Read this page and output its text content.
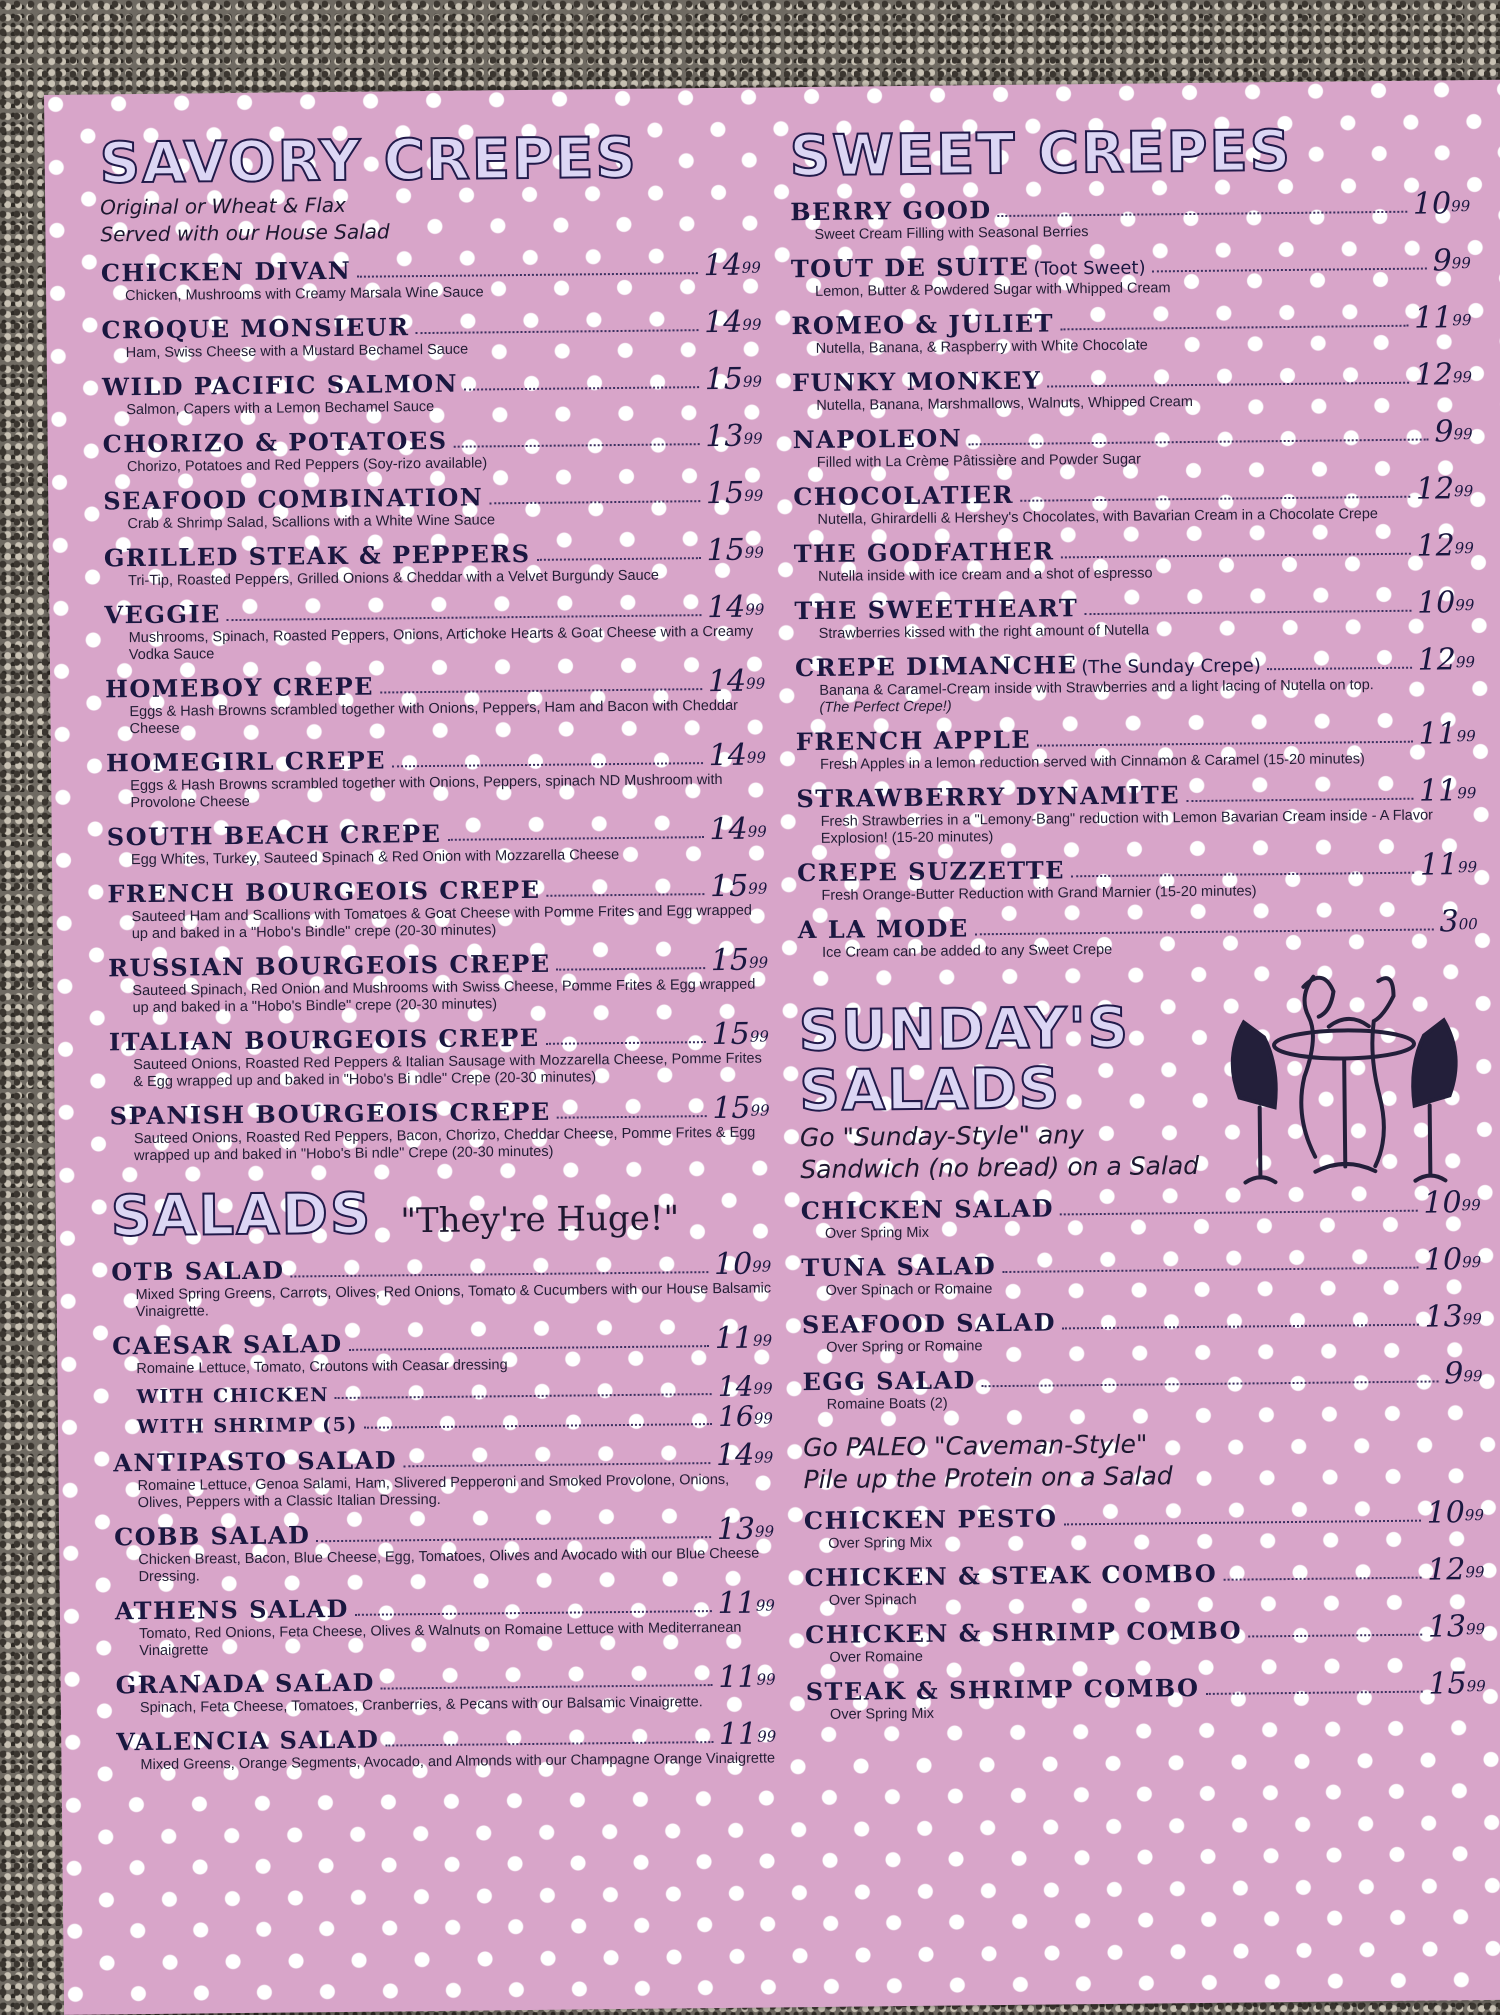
SAVORY CREPES
Original or Wheat & Flax
Served with our House Salad
CHICKEN DIVAN	$14^{99}$
Chicken, Mushrooms with Creamy Marsala Wine Sauce
CROQUE MONSIEUR	$14^{99}$
Ham, Swiss Cheese with a Mustard Bechamel Sauce
WILD PACIFIC SALMON	$15^{99}$
Salmon, Capers with a Lemon Bechamel Sauce
CHORIZO & POTATOES	$13^{99}$
Chorizo, Potatoes and Red Peppers (Soy-rizo available)
SEAFOOD COMBINATION	$15^{99}$
Crab & Shrimp Salad, Scallions with a White Wine Sauce
GRILLED STEAK & PEPPERS	$15^{99}$
Tri-Tip, Roasted Peppers, Grilled Onions & Cheddar with a Velvet Burgundy Sauce
VEGGIE	$14^{99}$
Mushrooms, Spinach, Roasted Peppers, Onions, Artichoke Hearts & Goat Cheese with a Creamy Vodka Sauce
HOMEBOY CREPE	$14^{99}$
Eggs & Hash Browns scrambled together with Onions, Peppers, Ham and Bacon with Cheddar Cheese
HOMEGIRL CREPE	$14^{99}$
Eggs & Hash Browns scrambled together with Onions, Peppers, spinach ND Mushroom with Provolone Cheese
SOUTH BEACH CREPE	$14^{99}$
Egg Whites, Turkey, Sauteed Spinach & Red Onion with Mozzarella Cheese
FRENCH BOURGEOIS CREPE	$15^{99}$
Sauteed Ham and Scallions with Tomatoes & Goat Cheese with Pomme Frites and Egg wrapped up and baked in a "Hobo's Bindle" crepe (20-30 minutes)
RUSSIAN BOURGEOIS CREPE	$15^{99}$
Sauteed Spinach, Red Onion and Mushrooms with Swiss Cheese, Pomme Frites & Egg wrapped up and baked in a "Hobo's Bindle" crepe (20-30 minutes)
ITALIAN BOURGEOIS CREPE	$15^{99}$
Sauteed Onions, Roasted Red Peppers & Italian Sausage with Mozzarella Cheese, Pomme Frites & Egg wrapped up and baked in "Hobo's Bi ndle" Crepe (20-30 minutes)
SPANISH BOURGEOIS CREPE	$15^{99}$
Sauteed Onions, Roasted Red Peppers, Bacon, Chorizo, Cheddar Cheese, Pomme Frites & Egg wrapped up and baked in "Hobo's Bi ndle" Crepe (20-30 minutes)
SALADS "They're Huge!"
OTB SALAD	$10^{99}$
Mixed Spring Greens, Carrots, Olives, Red Onions, Tomato & Cucumbers with our House Balsamic Vinaigrette.
CAESAR SALAD	$11^{99}$
Romaine Lettuce, Tomato, Croutons with Ceasar dressing
WITH CHICKEN	$14^{99}$
WITH SHRIMP (5)	$16^{99}$
ANTIPASTO SALAD	$14^{99}$
Romaine Lettuce, Genoa Salami, Ham, Slivered Pepperoni and Smoked Provolone, Onions, Olives, Peppers with a Classic Italian Dressing.
COBB SALAD	$13^{99}$
Chicken Breast, Bacon, Blue Cheese, Egg, Tomatoes, Olives and Avocado with our Blue Cheese Dressing.
ATHENS SALAD	$11^{99}$
Tomato, Red Onions, Feta Cheese, Olives & Walnuts on Romaine Lettuce with Mediterranean Vinaigrette
GRANADA SALAD	$11^{99}$
Spinach, Feta Cheese, Tomatoes, Cranberries, & Pecans with our Balsamic Vinaigrette.
VALENCIA SALAD	$11^{99}$
Mixed Greens, Orange Segments, Avocado, and Almonds with our Champagne Orange Vinaigrette
SWEET CREPES
BERRY GOOD	$10^{99}$
Sweet Cream Filling with Seasonal Berries
TOUT DE SUITE (Toot Sweet)	$9^{99}$
Lemon, Butter & Powdered Sugar with Whipped Cream
ROMEO & JULIET	$11^{99}$
Nutella, Banana, & Raspberry with White Chocolate
FUNKY MONKEY	$12^{99}$
Nutella, Banana, Marshmallows, Walnuts, Whipped Cream
NAPOLEON	$9^{99}$
Filled with La Crème Pâtissière and Powder Sugar
CHOCOLATIER	$12^{99}$
Nutella, Ghirardelli & Hershey's Chocolates, with Bavarian Cream in a Chocolate Crepe
THE GODFATHER	$12^{99}$
Nutella inside with ice cream and a shot of espresso
THE SWEETHEART	$10^{99}$
Strawberries kissed with the right amount of Nutella
CREPE DIMANCHE (The Sunday Crepe)	$12^{99}$
Banana & Caramel-Cream inside with Strawberries and a light lacing of Nutella on top.
(The Perfect Crepe!)
FRENCH APPLE	$11^{99}$
Fresh Apples in a lemon reduction served with Cinnamon & Caramel (15-20 minutes)
STRAWBERRY DYNAMITE	$11^{99}$
Fresh Strawberries in a "Lemony-Bang" reduction with Lemon Bavarian Cream inside - A Flavor Explosion! (15-20 minutes)
CREPE SUZZETTE	$11^{99}$
Fresh Orange-Butter Reduction with Grand Marnier (15-20 minutes)
A LA MODE	$3^{00}$
Ice Cream can be added to any Sweet Crepe
SUNDAY'S
SALADS
Go "Sunday-Style" any
Sandwich (no bread) on a Salad
CHICKEN SALAD	$10^{99}$
Over Spring Mix
TUNA SALAD	$10^{99}$
Over Spinach or Romaine
SEAFOOD SALAD	$13^{99}$
Over Spring or Romaine
EGG SALAD	$9^{99}$
Romaine Boats (2)
Go PALEO "Caveman-Style"
Pile up the Protein on a Salad
CHICKEN PESTO	$10^{99}$
Over Spring Mix
CHICKEN & STEAK COMBO	$12^{99}$
Over Spinach
CHICKEN & SHRIMP COMBO	$13^{99}$
Over Romaine
STEAK & SHRIMP COMBO	$15^{99}$
Over Spring Mix
